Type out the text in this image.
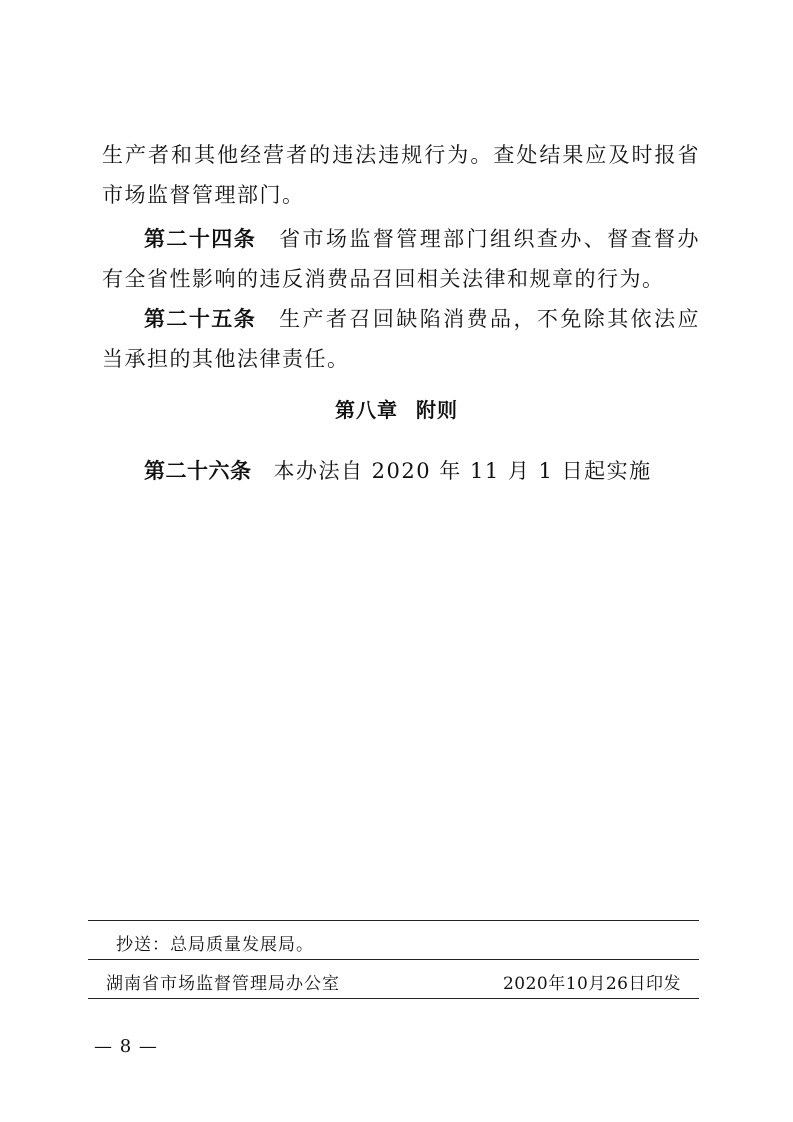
生产者和其他经营者的违法违规行为。查处结果应及时报省市场监督管理部门。

第二十四条 省市场监督管理部门组织查办、督查督办有全省性影响的违反消费品召回相关法律和规章的行为。

第二十五条 生产者召回缺陷消费品，不免除其依法应当承担的其他法律责任。

第八章 附则

第二十六条 本办法自 2020 年 11 月 1 日起实施

抄送：总局质量发展局。
湖南省市场监督管理局办公室	2020年10月26日印发
— 8 —
